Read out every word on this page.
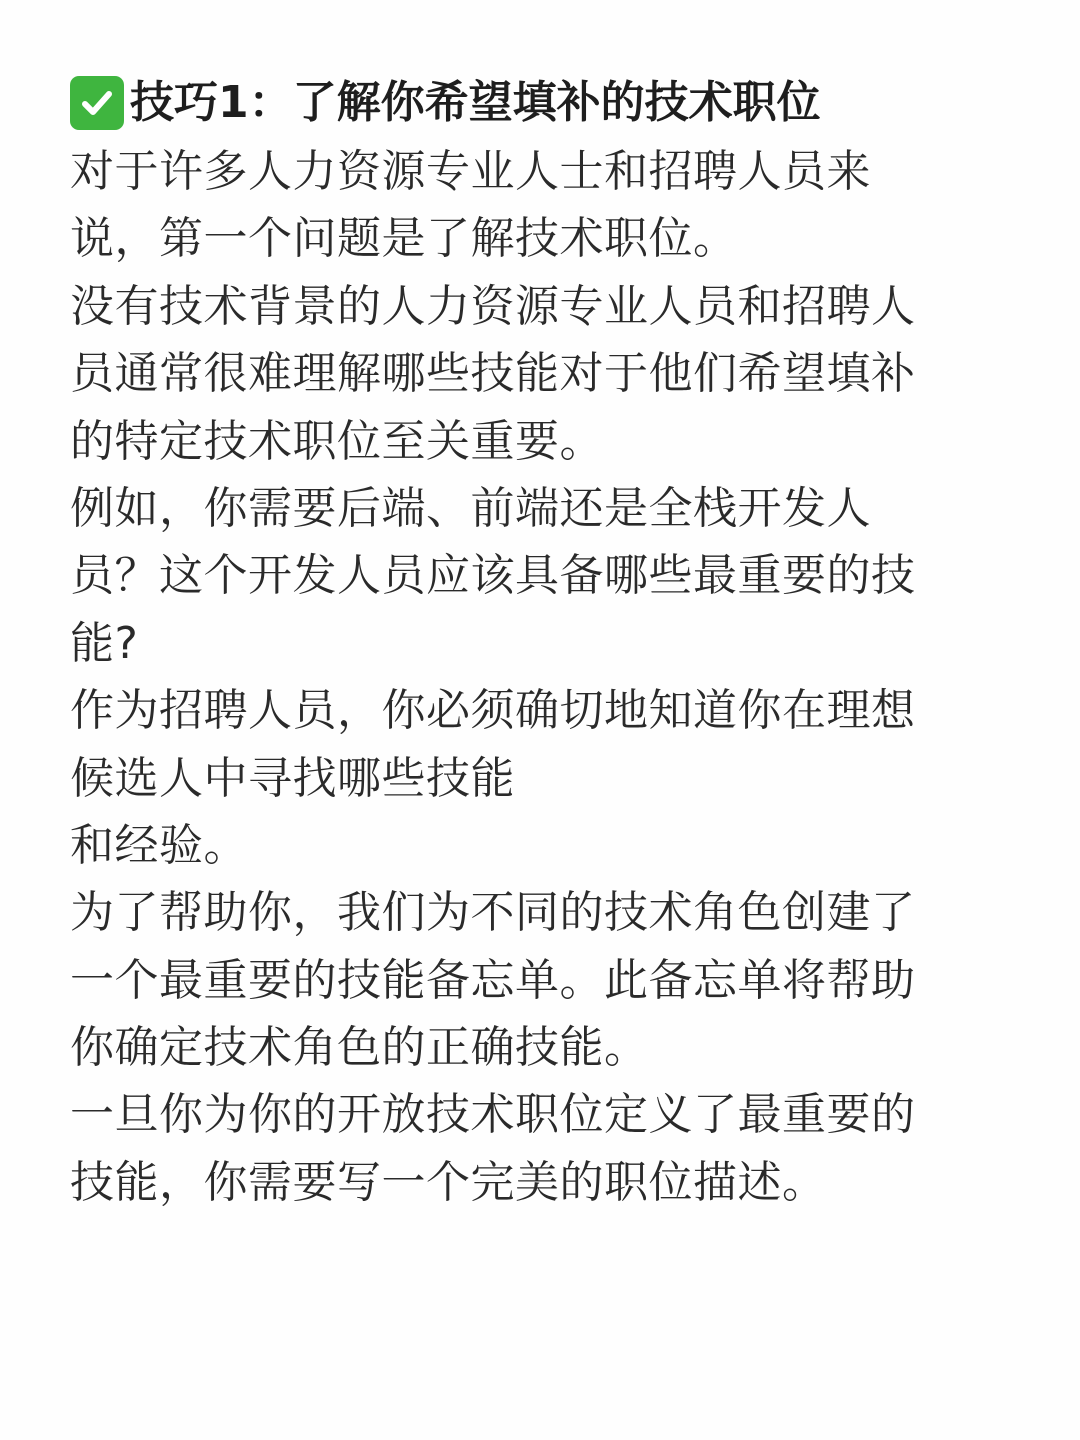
技巧1：了解你希望填补的技术职位
对于许多人力资源专业人士和招聘人员来
说，第一个问题是了解技术职位。
没有技术背景的人力资源专业人员和招聘人
员通常很难理解哪些技能对于他们希望填补
的特定技术职位至关重要。
例如，你需要后端、前端还是全栈开发人
员？这个开发人员应该具备哪些最重要的技
能?
作为招聘人员，你必须确切地知道你在理想
候选人中寻找哪些技能
和经验。
为了帮助你，我们为不同的技术角色创建了
一个最重要的技能备忘单。此备忘单将帮助
你确定技术角色的正确技能。
一旦你为你的开放技术职位定义了最重要的
技能，你需要写一个完美的职位描述。
